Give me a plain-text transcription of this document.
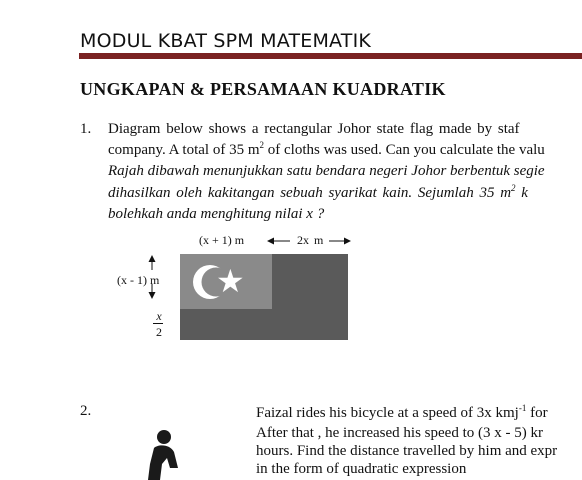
MODUL KBAT SPM MATEMATIK
UNGKAPAN & PERSAMAAN KUADRATIK
1. Diagram below shows a rectangular Johor state flag made by staf
company. A total of 35 $m^2$ of cloths was used. Can you calculate the valu
Rajah dibawah menunjukkan satu bendara negeri Johor berbentuk segie
dihasilkan oleh kakitangan sebuah syarikat kain. Sejumlah 35 $m^2$ k
bolehkah anda menghitung nilai x ?
(x + 1) m	2x m
(x - 1) m
x
2
★
2.	Faizal rides his bicycle at a speed of 3x kmj$^{-1}$ for
After that , he increased his speed to (3 x - 5) kr
hours. Find the distance travelled by him and expr
in the form of quadratic expression
